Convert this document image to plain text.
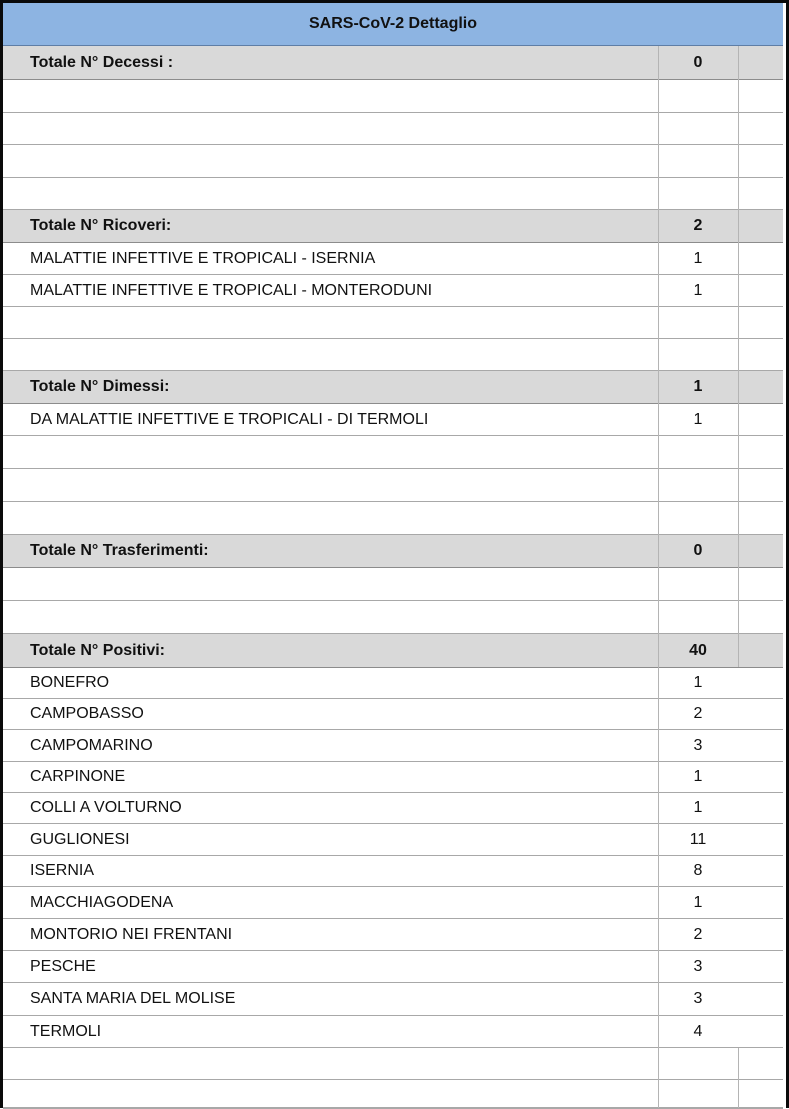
SARS-CoV-2 Dettaglio
Totale N° Decessi :	0
Totale N° Ricoveri:	2
MALATTIE INFETTIVE E TROPICALI - ISERNIA	1
MALATTIE INFETTIVE E TROPICALI - MONTERODUNI	1
Totale N° Dimessi:	1
DA MALATTIE INFETTIVE E TROPICALI - DI TERMOLI	1
Totale N° Trasferimenti:	0
Totale N° Positivi:	40
BONEFRO	1
CAMPOBASSO	2
CAMPOMARINO	3
CARPINONE	1
COLLI A VOLTURNO	1
GUGLIONESI	11
ISERNIA	8
MACCHIAGODENA	1
MONTORIO NEI FRENTANI	2
PESCHE	3
SANTA MARIA DEL MOLISE	3
TERMOLI	4
